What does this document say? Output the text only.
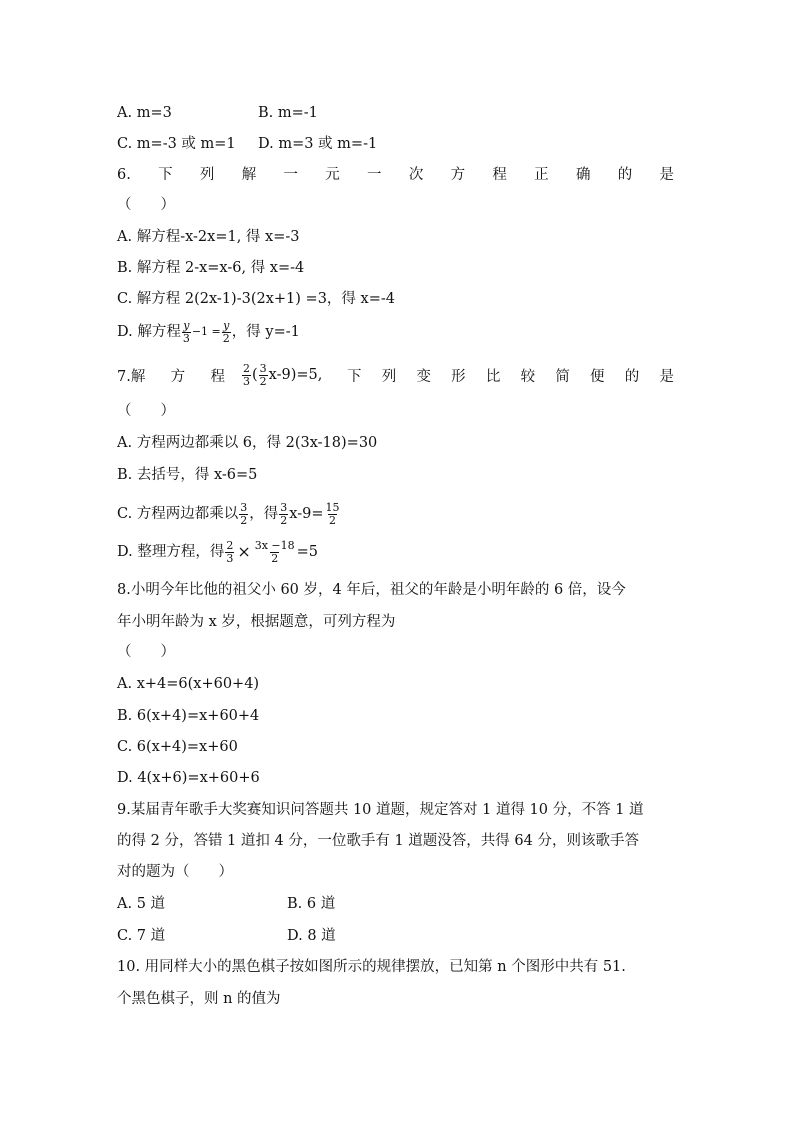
A. m=3	B. m=-1
C. m=-3 或 m=1 D. m=3 或 m=-1
6. 下 列 解 一 元 一 次 方 程 正 确 的 是
（　　）
A. 解方程-x-2x=1, 得 x=-3
B. 解方程 2-x=x-6, 得 x=-4
C. 解方程 2(2x-1)-3(2x+1) =3，得 x=-4
D. 解方程 $\frac{y}{3} -1 = \frac{y}{2}$ ，得 y=-1
7.解 方 程 $\frac{2}{3}$ ( $\frac{3}{2} x-9)=5$, 下 列 变 形 比 较 简 便 的 是
（　　）
A. 方程两边都乘以 6，得 2(3x-18)=30
B. 去括号，得 x-6=5
C. 方程两边都乘以 $\frac{3}{2}$ ，得 $\frac{3}{2} x-9= \frac{15}{2}$
D. 整理方程，得 $\frac{2}{3} \times \frac{3x -18}{2} =5$
8.小明今年比他的祖父小 60 岁，4 年后，祖父的年龄是小明年龄的 6 倍，设今
年小明年龄为 x 岁，根据题意，可列方程为
（　　）
A. x+4=6(x+60+4)
B. 6(x+4)=x+60+4
C. 6(x+4)=x+60
D. 4(x+6)=x+60+6
9.某届青年歌手大奖赛知识问答题共 10 道题，规定答对 1 道得 10 分，不答 1 道
的得 2 分，答错 1 道扣 4 分，一位歌手有 1 道题没答，共得 64 分，则该歌手答
对的题为（　　）
A. 5 道	B. 6 道
C. 7 道	D. 8 道
10. 用同样大小的黑色棋子按如图所示的规律摆放，已知第 n 个图形中共有 51.
个黑色棋子，则 n 的值为
